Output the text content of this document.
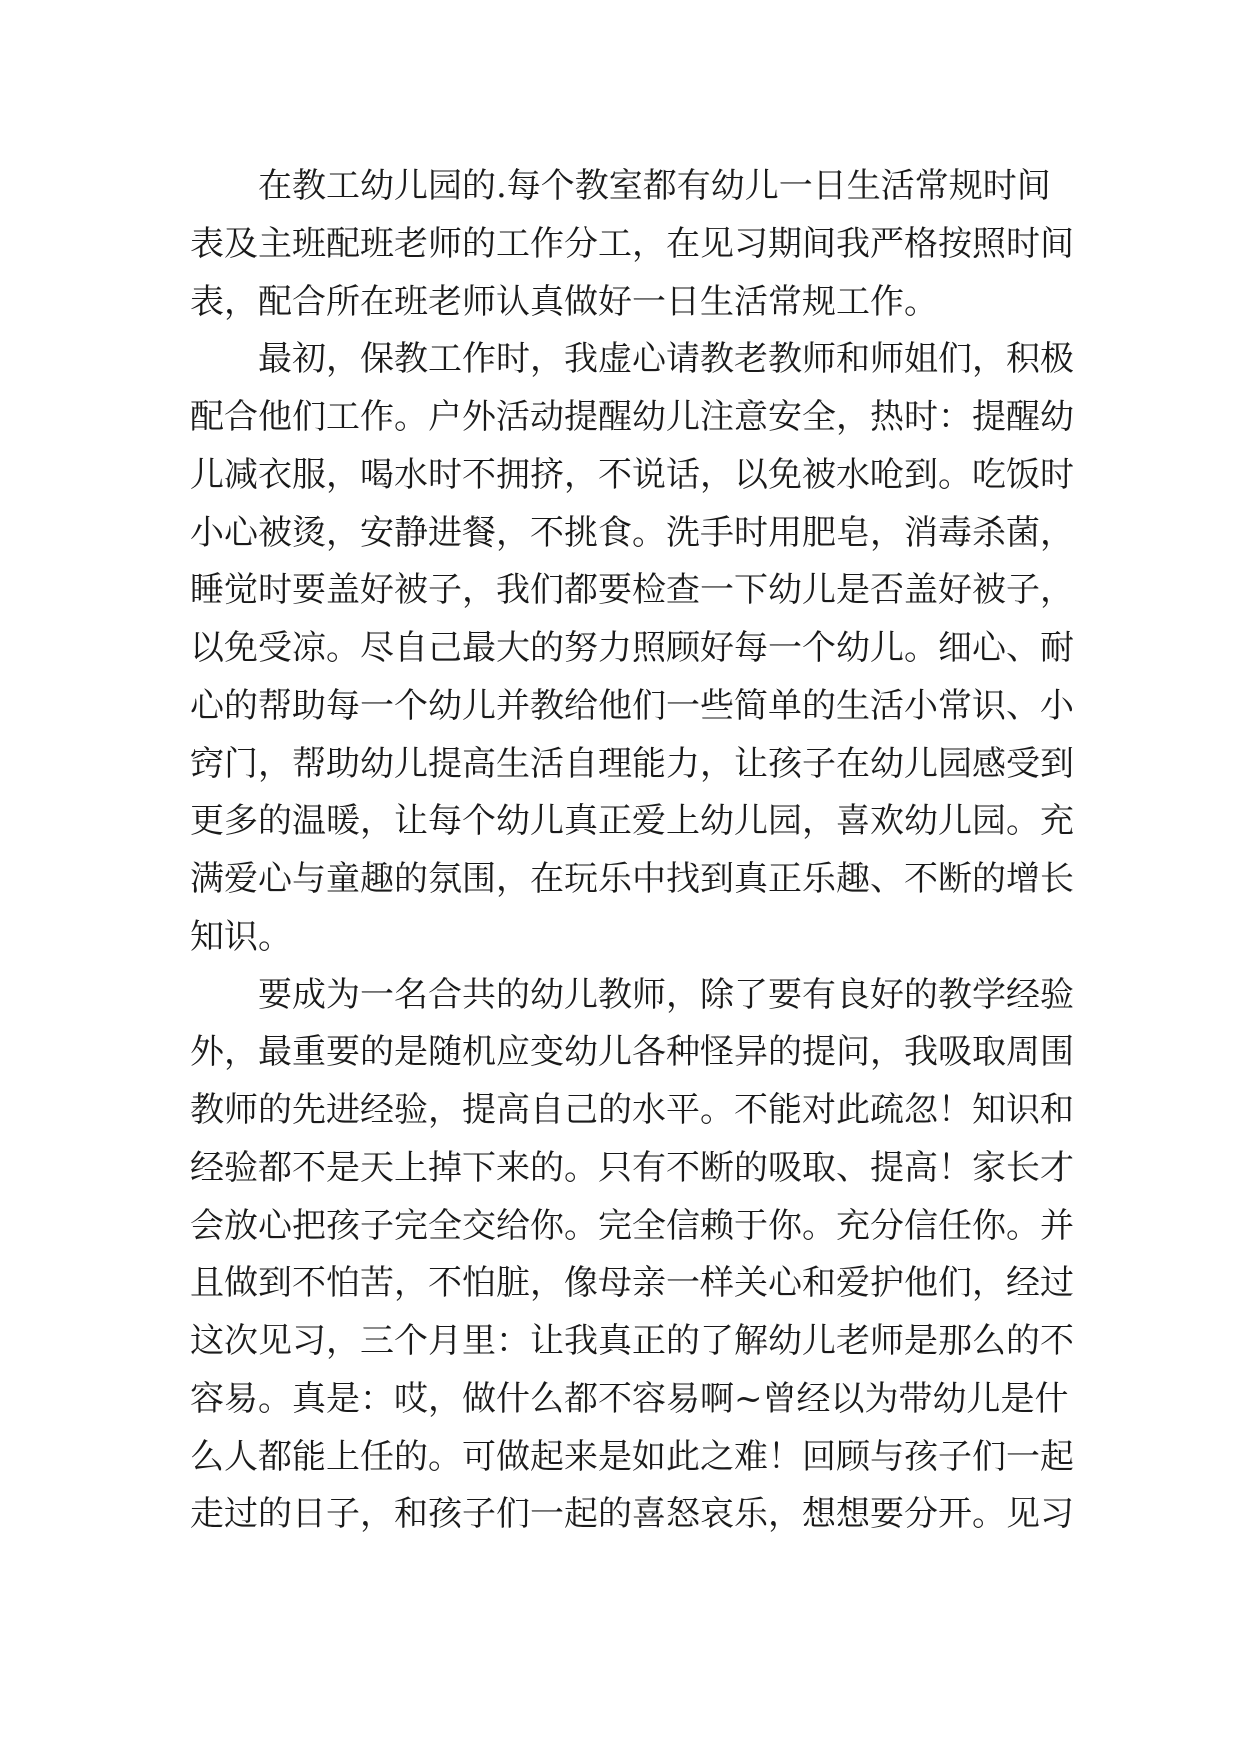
　　在教工幼儿园的.每个教室都有幼儿一日生活常规时间
表及主班配班老师的工作分工，在见习期间我严格按照时间
表，配合所在班老师认真做好一日生活常规工作。
　　最初，保教工作时，我虚心请教老教师和师姐们，积极
配合他们工作。户外活动提醒幼儿注意安全，热时：提醒幼
儿减衣服，喝水时不拥挤，不说话，以免被水呛到。吃饭时
小心被烫，安静进餐，不挑食。洗手时用肥皂，消毒杀菌，
睡觉时要盖好被子，我们都要检查一下幼儿是否盖好被子，
以免受凉。尽自己最大的努力照顾好每一个幼儿。细心、耐
心的帮助每一个幼儿并教给他们一些简单的生活小常识、小
窍门，帮助幼儿提高生活自理能力，让孩子在幼儿园感受到
更多的温暖，让每个幼儿真正爱上幼儿园，喜欢幼儿园。充
满爱心与童趣的氛围，在玩乐中找到真正乐趣、不断的增长
知识。
　　要成为一名合共的幼儿教师，除了要有良好的教学经验
外，最重要的是随机应变幼儿各种怪异的提问，我吸取周围
教师的先进经验，提高自己的水平。不能对此疏忽！知识和
经验都不是天上掉下来的。只有不断的吸取、提高！家长才
会放心把孩子完全交给你。完全信赖于你。充分信任你。并
且做到不怕苦，不怕脏，像母亲一样关心和爱护他们，经过
这次见习，三个月里：让我真正的了解幼儿老师是那么的不
容易。真是：哎，做什么都不容易啊~曾经以为带幼儿是什
么人都能上任的。可做起来是如此之难！回顾与孩子们一起
走过的日子，和孩子们一起的喜怒哀乐，想想要分开。见习
